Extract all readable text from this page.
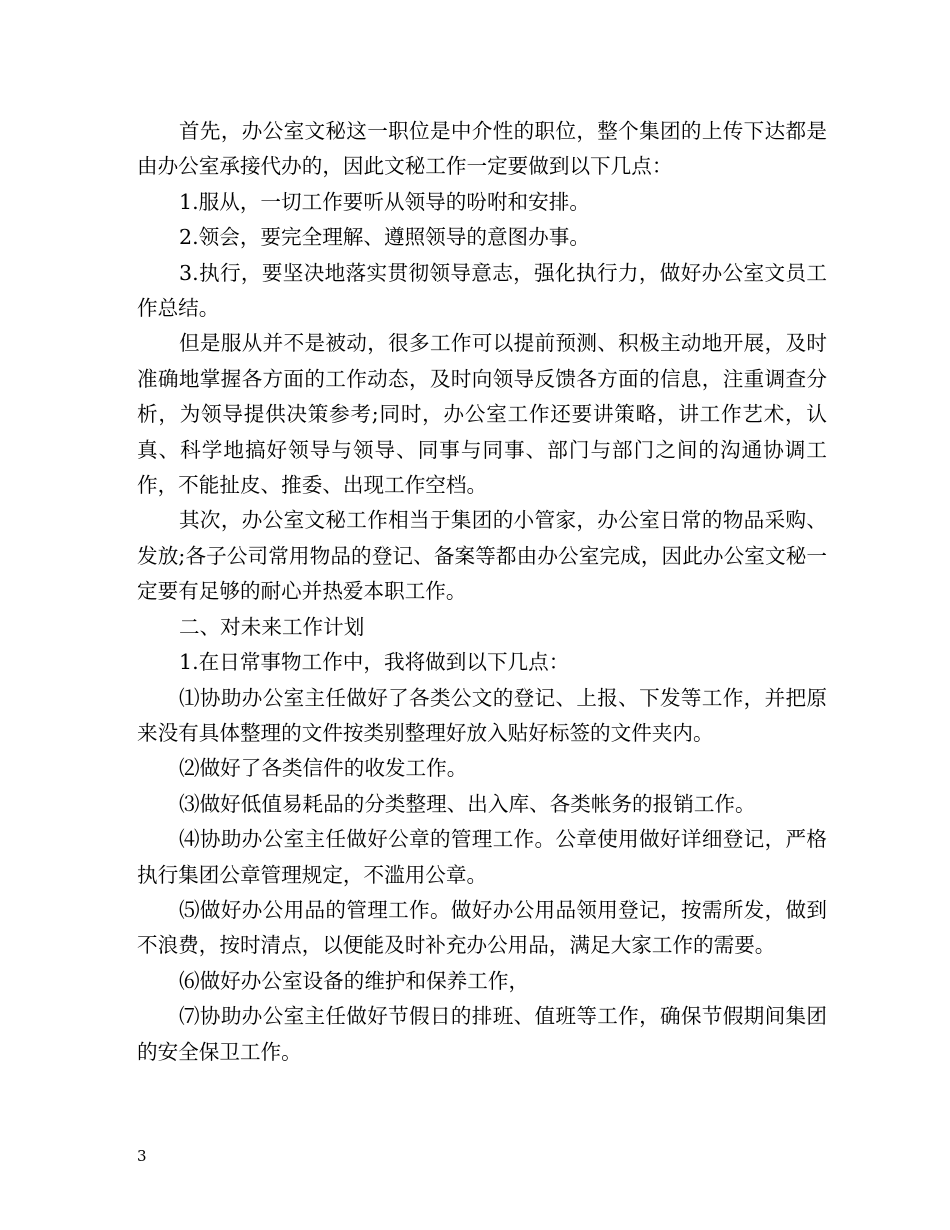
首先，办公室文秘这一职位是中介性的职位，整个集团的上传下达都是由办公室承接代办的，因此文秘工作一定要做到以下几点：

1.服从，一切工作要听从领导的吩咐和安排。

2.领会，要完全理解、遵照领导的意图办事。

3.执行，要坚决地落实贯彻领导意志，强化执行力，做好办公室文员工作总结。

但是服从并不是被动，很多工作可以提前预测、积极主动地开展，及时准确地掌握各方面的工作动态，及时向领导反馈各方面的信息，注重调查分析，为领导提供决策参考;同时，办公室工作还要讲策略，讲工作艺术，认真、科学地搞好领导与领导、同事与同事、部门与部门之间的沟通协调工作，不能扯皮、推委、出现工作空档。

其次，办公室文秘工作相当于集团的小管家，办公室日常的物品采购、发放;各子公司常用物品的登记、备案等都由办公室完成，因此办公室文秘一定要有足够的耐心并热爱本职工作。

二、对未来工作计划

1.在日常事物工作中，我将做到以下几点：

⑴协助办公室主任做好了各类公文的登记、上报、下发等工作，并把原来没有具体整理的文件按类别整理好放入贴好标签的文件夹内。

⑵做好了各类信件的收发工作。

⑶做好低值易耗品的分类整理、出入库、各类帐务的报销工作。

⑷协助办公室主任做好公章的管理工作。公章使用做好详细登记，严格执行集团公章管理规定，不滥用公章。

⑸做好办公用品的管理工作。做好办公用品领用登记，按需所发，做到不浪费，按时清点，以便能及时补充办公用品，满足大家工作的需要。

⑹做好办公室设备的维护和保养工作，

⑺协助办公室主任做好节假日的排班、值班等工作，确保节假期间集团的安全保卫工作。

3
